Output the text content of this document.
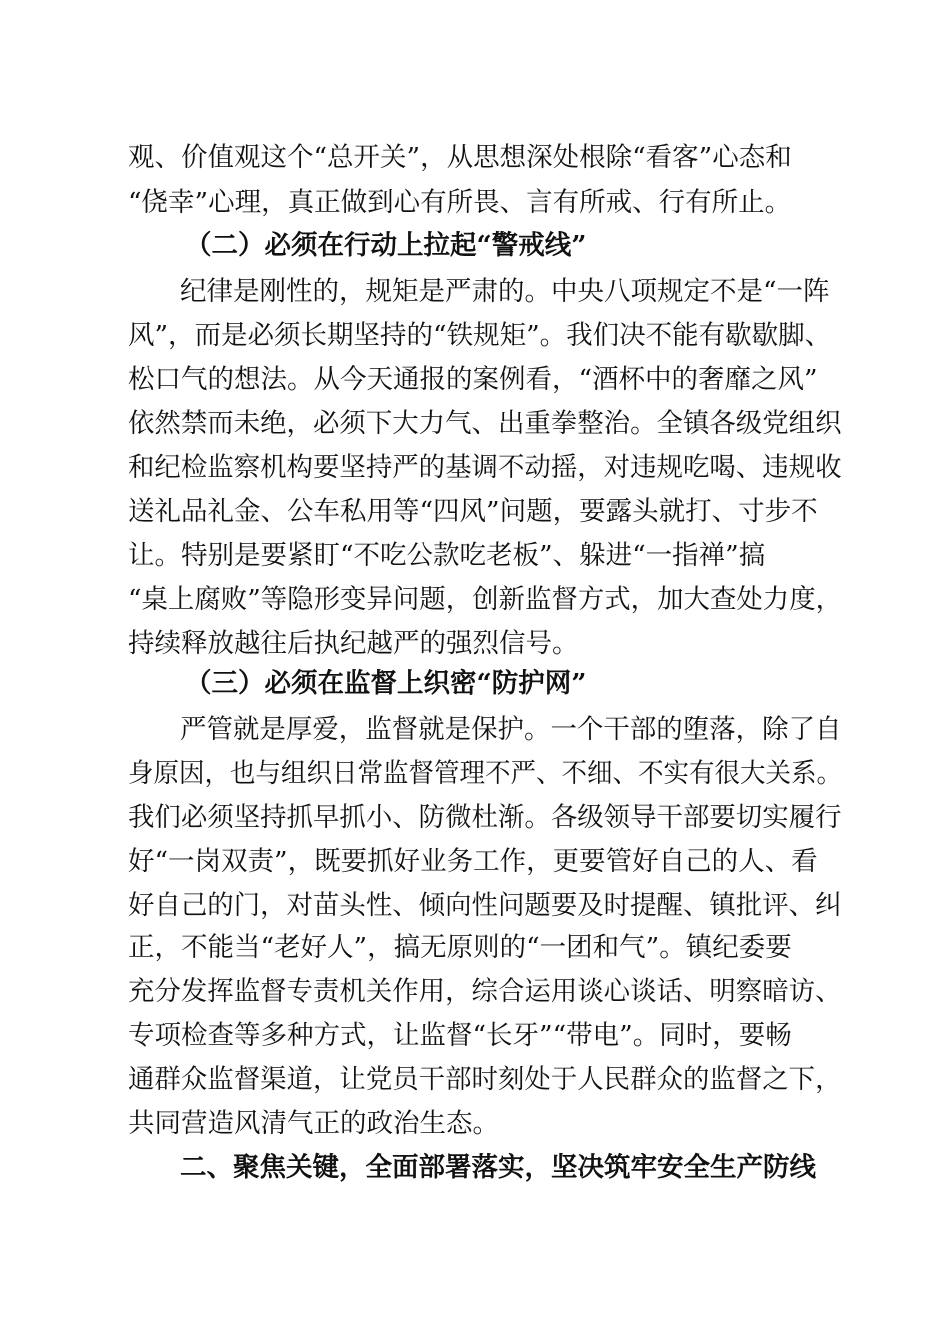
观、价值观这个“总开关”，从思想深处根除“看客”心态和
“侥幸”心理，真正做到心有所畏、言有所戒、行有所止。
（二）必须在行动上拉起“警戒线”
纪律是刚性的，规矩是严肃的。中央八项规定不是“一阵
风”，而是必须长期坚持的“铁规矩”。我们决不能有歇歇脚、
松口气的想法。从今天通报的案例看，“酒杯中的奢靡之风”
依然禁而未绝，必须下大力气、出重拳整治。全镇各级党组织
和纪检监察机构要坚持严的基调不动摇，对违规吃喝、违规收
送礼品礼金、公车私用等“四风”问题，要露头就打、寸步不
让。特别是要紧盯“不吃公款吃老板”、躲进“一指禅”搞
“桌上腐败”等隐形变异问题，创新监督方式，加大查处力度，
持续释放越往后执纪越严的强烈信号。
（三）必须在监督上织密“防护网”
严管就是厚爱，监督就是保护。一个干部的堕落，除了自
身原因，也与组织日常监督管理不严、不细、不实有很大关系。
我们必须坚持抓早抓小、防微杜渐。各级领导干部要切实履行
好“一岗双责”，既要抓好业务工作，更要管好自己的人、看
好自己的门，对苗头性、倾向性问题要及时提醒、镇批评、纠
正，不能当“老好人”，搞无原则的“一团和气”。镇纪委要
充分发挥监督专责机关作用，综合运用谈心谈话、明察暗访、
专项检查等多种方式，让监督“长牙”“带电”。同时，要畅
通群众监督渠道，让党员干部时刻处于人民群众的监督之下，
共同营造风清气正的政治生态。
二、聚焦关键，全面部署落实，坚决筑牢安全生产防线
